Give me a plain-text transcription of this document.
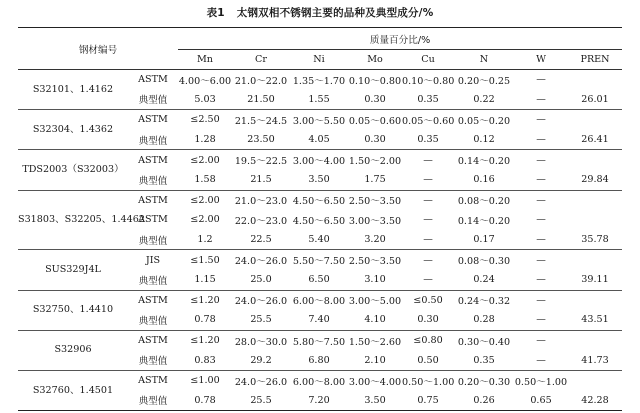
表1 太钢双相不锈钢主要的品种及典型成分/%
钢材编号		质量百分比/%							
		Mn	Cr	Ni	Mo	Cu	N	W	PREN
S32101、1.4162	ASTM	4.00～6.00	21.0～22.0	1.35～1.70	0.10～0.80	0.10～0.80	0.20～0.25	—	
	典型值	5.03	21.50	1.55	0.30	0.35	0.22	—	26.01
S32304、1.4362	ASTM	≤2.50	21.5～24.5	3.00～5.50	0.05～0.60	0.05～0.60	0.05～0.20	—	
	典型值	1.28	23.50	4.05	0.30	0.35	0.12	—	26.41
TDS2003（S32003）	ASTM	≤2.00	19.5～22.5	3.00～4.00	1.50～2.00	—	0.14～0.20	—	
	典型值	1.58	21.5	3.50	1.75	—	0.16	—	29.84
S31803、S32205、1.4462	ASTM	≤2.00	21.0～23.0	4.50～6.50	2.50～3.50	—	0.08～0.20	—	
	ASTM	≤2.00	22.0～23.0	4.50～6.50	3.00～3.50	—	0.14～0.20	—	
	典型值	1.2	22.5	5.40	3.20	—	0.17	—	35.78
SUS329J4L	JIS	≤1.50	24.0～26.0	5.50～7.50	2.50～3.50	—	0.08～0.30	—	
	典型值	1.15	25.0	6.50	3.10	—	0.24	—	39.11
S32750、1.4410	ASTM	≤1.20	24.0～26.0	6.00～8.00	3.00～5.00	≤0.50	0.24～0.32	—	
	典型值	0.78	25.5	7.40	4.10	0.30	0.28	—	43.51
S32906	ASTM	≤1.20	28.0～30.0	5.80～7.50	1.50～2.60	≤0.80	0.30～0.40	—	
	典型值	0.83	29.2	6.80	2.10	0.50	0.35	—	41.73
S32760、1.4501	ASTM	≤1.00	24.0～26.0	6.00～8.00	3.00～4.00	0.50～1.00	0.20～0.30	0.50～1.00	
	典型值	0.78	25.5	7.20	3.50	0.75	0.26	0.65	42.28
